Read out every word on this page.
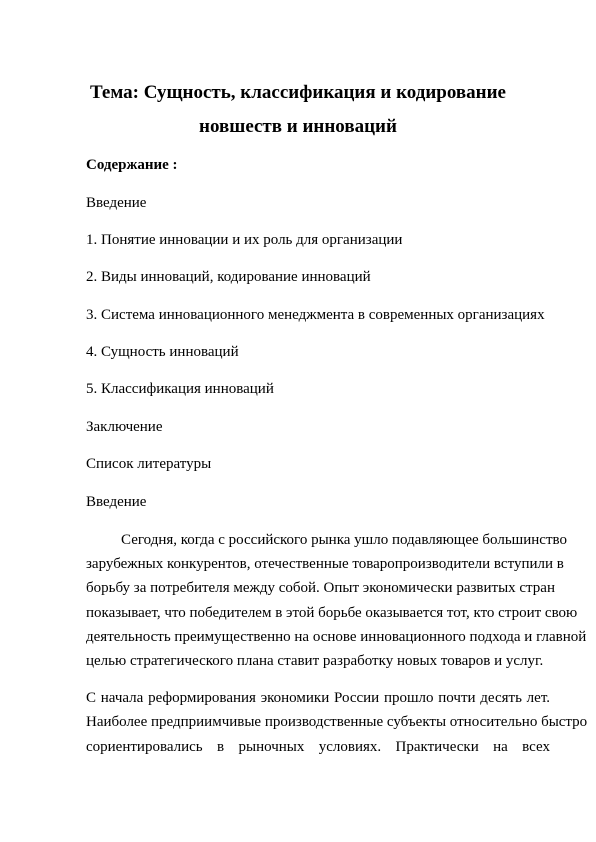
Тема: Сущность, классификация и кодирование
новшеств и инноваций
Содержание :
Введение
1. Понятие инновации и их роль для организации
2. Виды инноваций, кодирование инноваций
3. Система инновационного менеджмента в современных организациях
4. Сущность инноваций
5. Классификация инноваций
Заключение
Список литературы
Введение
Сегодня, когда с российского рынка ушло подавляющее большинство
зарубежных конкурентов, отечественные товаропроизводители вступили в
борьбу за потребителя между собой. Опыт экономически развитых стран
показывает, что победителем в этой борьбе оказывается тот, кто строит свою
деятельность преимущественно на основе инновационного подхода и главной
целью стратегического плана ставит разработку новых товаров и услуг.
С начала реформирования экономики России прошло почти десять лет.
Наиболее предприимчивые производственные субъекты относительно быстро
сориентировались в рыночных условиях. Практически на всех
